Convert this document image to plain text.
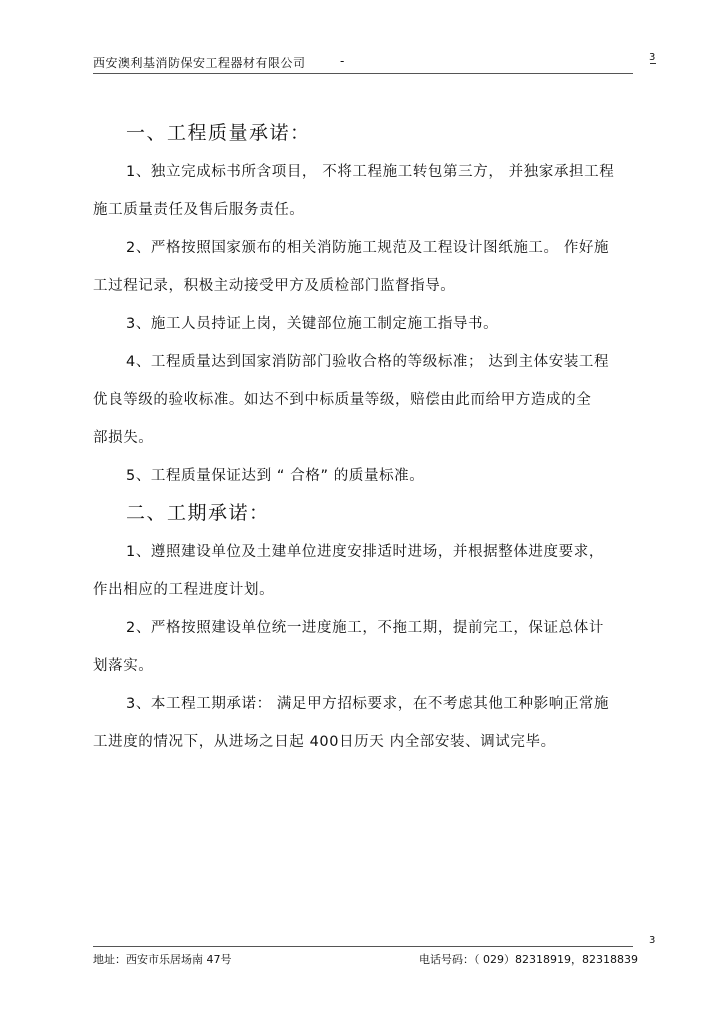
西安澳利基消防保安工程器材有限公司	-	3
一、工程质量承诺：
1、独立完成标书所含项目， 不将工程施工转包第三方， 并独家承担工程
施工质量责任及售后服务责任。
2、严格按照国家颁布的相关消防施工规范及工程设计图纸施工。 作好施
工过程记录，积极主动接受甲方及质检部门监督指导。
3、施工人员持证上岗，关键部位施工制定施工指导书。
4、工程质量达到国家消防部门验收合格的等级标准； 达到主体安装工程
优良等级的验收标准。如达不到中标质量等级，赔偿由此而给甲方造成的全
部损失。
5、工程质量保证达到 “ 合格” 的质量标准。
二、工期承诺：
1、遵照建设单位及土建单位进度安排适时进场，并根据整体进度要求，
作出相应的工程进度计划。
2、严格按照建设单位统一进度施工，不拖工期，提前完工，保证总体计
划落实。
3、本工程工期承诺： 满足甲方招标要求，在不考虑其他工种影响正常施
工进度的情况下，从进场之日起 400日历天 内全部安装、调试完毕。
3
地址：西安市乐居场南 47号	电话号码：（ 029）82318919，82318839
